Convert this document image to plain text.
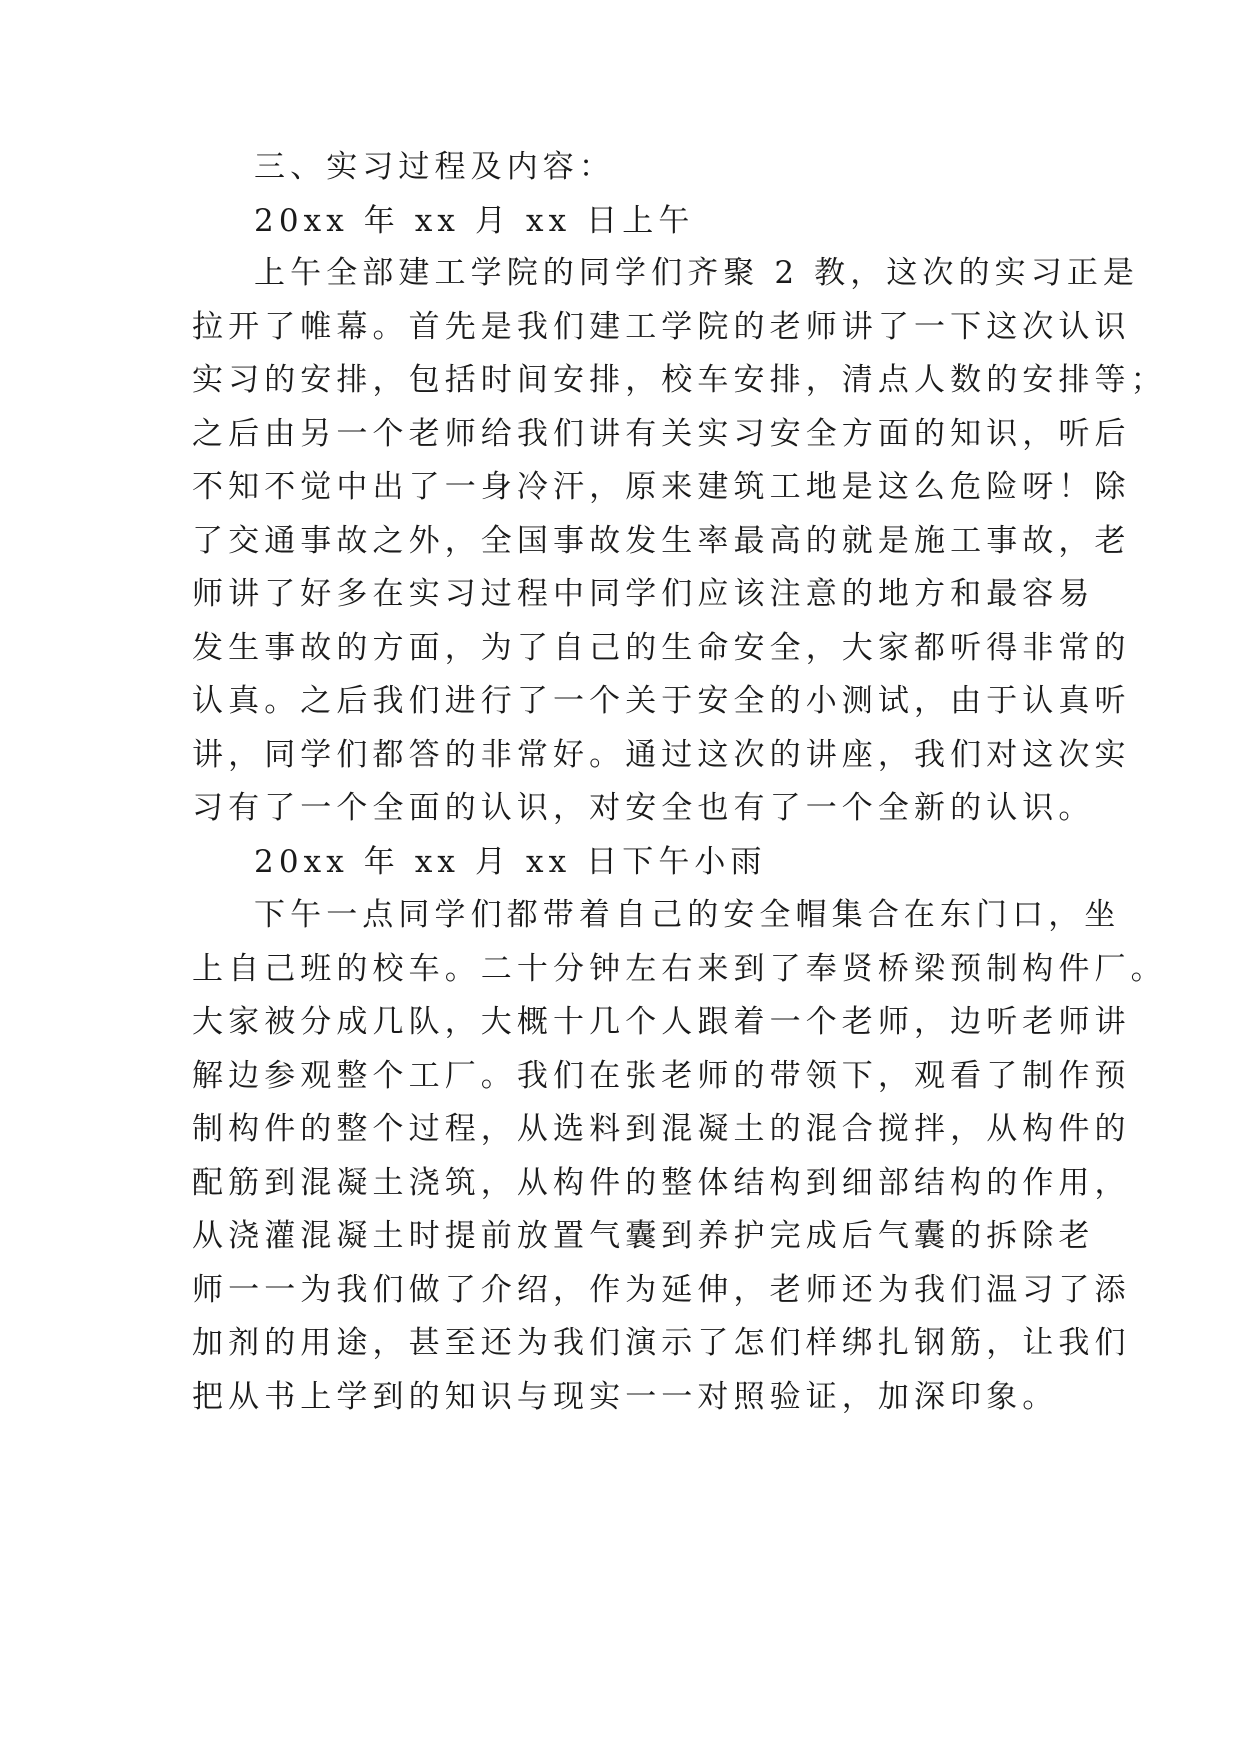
三、实习过程及内容：
20xx 年 xx 月 xx 日上午
上午全部建工学院的同学们齐聚 2 教，这次的实习正是
拉开了帷幕。首先是我们建工学院的老师讲了一下这次认识
实习的安排，包括时间安排，校车安排，清点人数的安排等；
之后由另一个老师给我们讲有关实习安全方面的知识，听后
不知不觉中出了一身冷汗，原来建筑工地是这么危险呀！除
了交通事故之外，全国事故发生率最高的就是施工事故，老
师讲了好多在实习过程中同学们应该注意的地方和最容易
发生事故的方面，为了自己的生命安全，大家都听得非常的
认真。之后我们进行了一个关于安全的小测试，由于认真听
讲，同学们都答的非常好。通过这次的讲座，我们对这次实
习有了一个全面的认识，对安全也有了一个全新的认识。
20xx 年 xx 月 xx 日下午小雨
下午一点同学们都带着自己的安全帽集合在东门口，坐
上自己班的校车。二十分钟左右来到了奉贤桥梁预制构件厂。
大家被分成几队，大概十几个人跟着一个老师，边听老师讲
解边参观整个工厂。我们在张老师的带领下，观看了制作预
制构件的整个过程，从选料到混凝土的混合搅拌，从构件的
配筋到混凝土浇筑，从构件的整体结构到细部结构的作用，
从浇灌混凝土时提前放置气囊到养护完成后气囊的拆除老
师一一为我们做了介绍，作为延伸，老师还为我们温习了添
加剂的用途，甚至还为我们演示了怎们样绑扎钢筋，让我们
把从书上学到的知识与现实一一对照验证，加深印象。
